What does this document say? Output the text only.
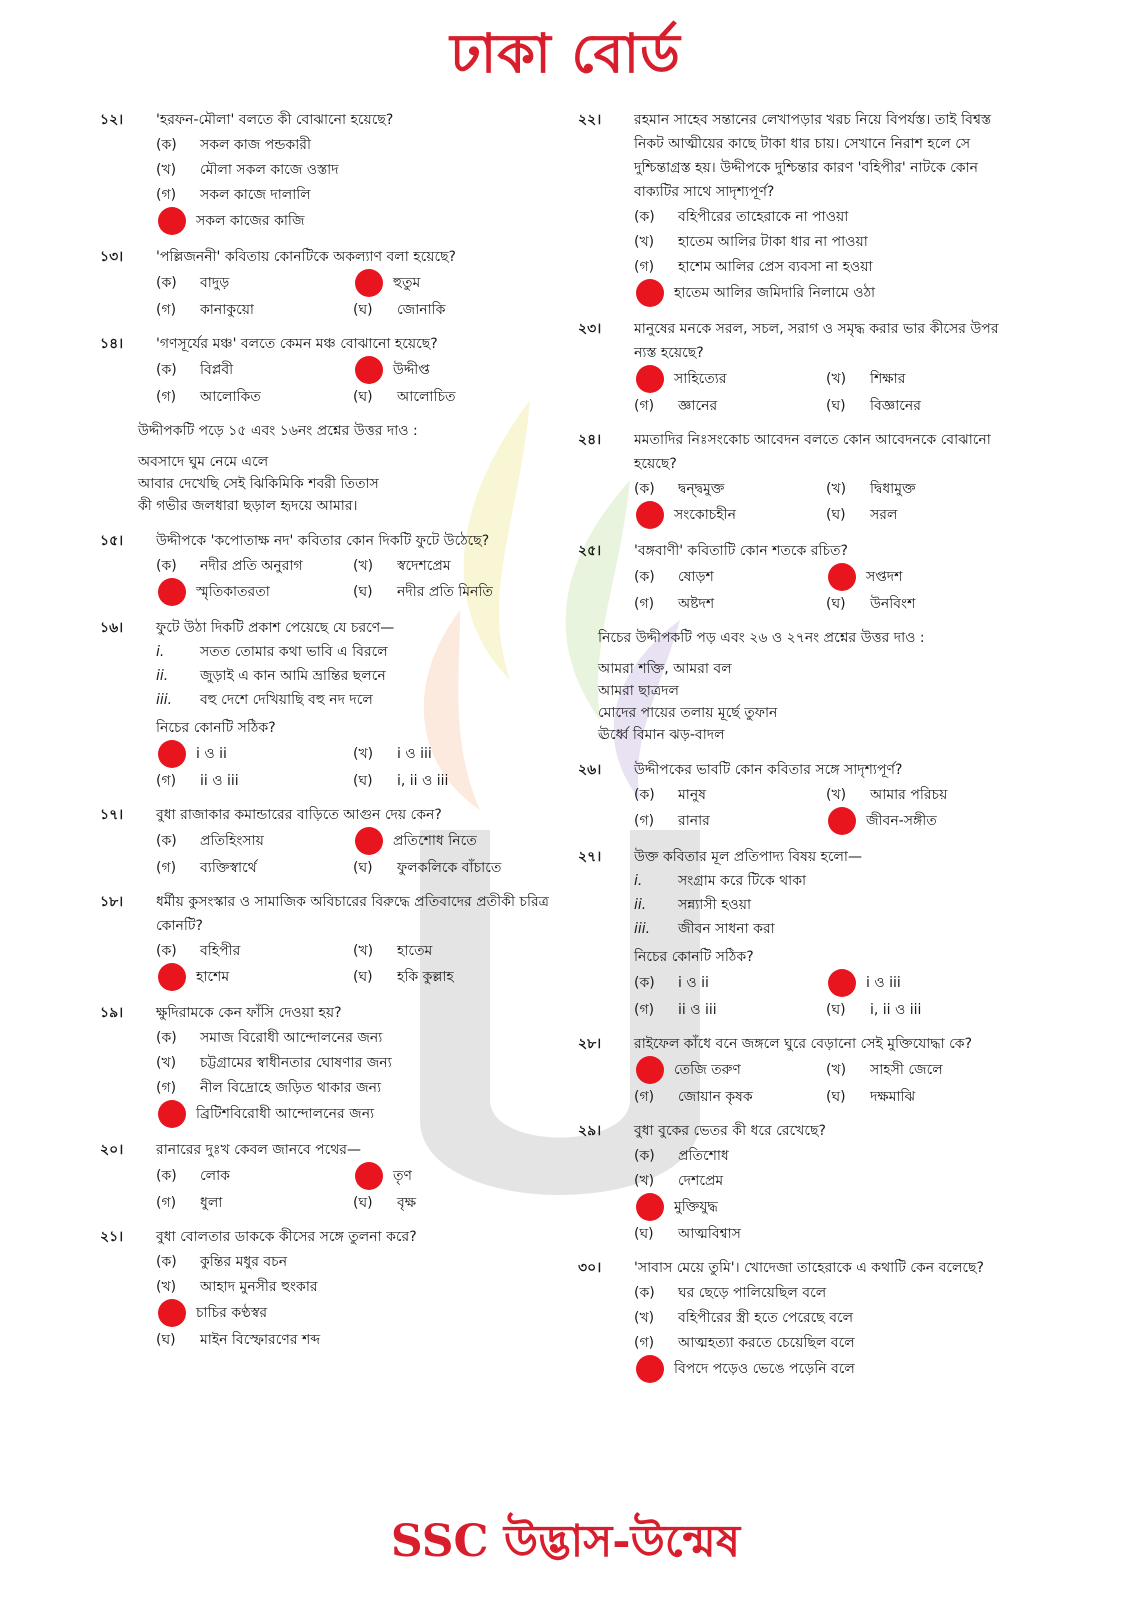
ঢাকা বোর্ড
১২।	'হরফন-মৌলা' বলতে কী বোঝানো হয়েছে?
(ক)	সকল কাজ পন্ডকারী
(খ)	মৌলা সকল কাজে ওস্তাদ
(গ)	সকল কাজে দালালি
সকল কাজের কাজি
১৩।	'পল্লিজননী' কবিতায় কোনটিকে অকল্যাণ বলা হয়েছে?
(ক)	বাদুড়	হুতুম
(গ)	কানাকুয়ো	(ঘ)	জোনাকি
১৪।	'গণসূর্যের মঞ্চ' বলতে কেমন মঞ্চ বোঝানো হয়েছে?
(ক)	বিপ্লবী	উদ্দীপ্ত
(গ)	আলোকিত	(ঘ)	আলোচিত
উদ্দীপকটি পড়ে ১৫ এবং ১৬নং প্রশ্নের উত্তর দাও :
অবসাদে ঘুম নেমে এলে
আবার দেখেছি সেই ঝিকিমিকি শবরী তিতাস
কী গভীর জলধারা ছড়াল হৃদয়ে আমার।
১৫।	উদ্দীপকে 'কপোতাক্ষ নদ' কবিতার কোন দিকটি ফুটে উঠেছে?
(ক)	নদীর প্রতি অনুরাগ	(খ)	স্বদেশপ্রেম
স্মৃতিকাতরতা	(ঘ)	নদীর প্রতি মিনতি
১৬।	ফুটে উঠা দিকটি প্রকাশ পেয়েছে যে চরণে—
i.	সতত তোমার কথা ভাবি এ বিরলে
ii.	জুড়াই এ কান আমি ভ্রান্তির ছলনে
iii.	বহু দেশে দেখিয়াছি বহু নদ দলে
নিচের কোনটি সঠিক?
i ও ii	(খ)	i ও iii
(গ)	ii ও iii	(ঘ)	i, ii ও iii
১৭।	বুধা রাজাকার কমান্ডারের বাড়িতে আগুন দেয় কেন?
(ক)	প্রতিহিংসায়	প্রতিশোধ নিতে
(গ)	ব্যক্তিস্বার্থে	(ঘ)	ফুলকলিকে বাঁচাতে
১৮।	ধর্মীয় কুসংস্কার ও সামাজিক অবিচারের বিরুদ্ধে প্রতিবাদের প্রতীকী চরিত্র কোনটি?
(ক)	বহিপীর	(খ)	হাতেম
হাশেম	(ঘ)	হকি কুল্লাহ
১৯।	ক্ষুদিরামকে কেন ফাঁসি দেওয়া হয়?
(ক)	সমাজ বিরোধী আন্দোলনের জন্য
(খ)	চট্টগ্রামের স্বাধীনতার ঘোষণার জন্য
(গ)	নীল বিদ্রোহে জড়িত থাকার জন্য
ব্রিটিশবিরোধী আন্দোলনের জন্য
২০।	রানারের দুঃখ কেবল জানবে পথের—
(ক)	লোক	তৃণ
(গ)	ধুলা	(ঘ)	বৃক্ষ
২১।	বুধা বোলতার ডাককে কীসের সঙ্গে তুলনা করে?
(ক)	কুন্তির মধুর বচন
(খ)	আহাদ মুনসীর হুংকার
চাচির কণ্ঠস্বর
(ঘ)	মাইন বিস্ফোরণের শব্দ
২২।	রহমান সাহেব সন্তানের লেখাপড়ার খরচ নিয়ে বিপর্যস্ত। তাই বিশ্বস্ত নিকট আত্মীয়ের কাছে টাকা ধার চায়। সেখানে নিরাশ হলে সে দুশ্চিন্তাগ্রস্ত হয়। উদ্দীপকে দুশ্চিন্তার কারণ 'বহিপীর' নাটকে কোন বাক্যটির সাথে সাদৃশ্যপূর্ণ?
(ক)	বহিপীরের তাহেরাকে না পাওয়া
(খ)	হাতেম আলির টাকা ধার না পাওয়া
(গ)	হাশেম আলির প্রেস ব্যবসা না হওয়া
হাতেম আলির জমিদারি নিলামে ওঠা
২৩।	মানুষের মনকে সরল, সচল, সরাগ ও সমৃদ্ধ করার ভার কীসের উপর ন্যস্ত হয়েছে?
সাহিত্যের	(খ)	শিক্ষার
(গ)	জ্ঞানের	(ঘ)	বিজ্ঞানের
২৪।	মমতাদির নিঃসংকোচ আবেদন বলতে কোন আবেদনকে বোঝানো হয়েছে?
(ক)	দ্বন্দ্বমুক্ত	(খ)	দ্বিধামুক্ত
সংকোচহীন	(ঘ)	সরল
২৫।	'বঙ্গবাণী' কবিতাটি কোন শতকে রচিত?
(ক)	ষোড়শ	সপ্তদশ
(গ)	অষ্টদশ	(ঘ)	উনবিংশ
নিচের উদ্দীপকটি পড় এবং ২৬ ও ২৭নং প্রশ্নের উত্তর দাও :
আমরা শক্তি, আমরা বল
আমরা ছাত্রদল
মোদের পায়ের তলায় মূর্ছে তুফান
ঊর্ধ্বে বিমান ঝড়-বাদল
২৬।	উদ্দীপকের ভাবটি কোন কবিতার সঙ্গে সাদৃশ্যপূর্ণ?
(ক)	মানুষ	(খ)	আমার পরিচয়
(গ)	রানার	জীবন-সঙ্গীত
২৭।	উক্ত কবিতার মূল প্রতিপাদ্য বিষয় হলো—
i.	সংগ্রাম করে টিকে থাকা
ii.	সন্ন্যাসী হওয়া
iii.	জীবন সাধনা করা
নিচের কোনটি সঠিক?
(ক)	i ও ii	i ও iii
(গ)	ii ও iii	(ঘ)	i, ii ও iii
২৮।	রাইফেল কাঁধে বনে জঙ্গলে ঘুরে বেড়ানো সেই মুক্তিযোদ্ধা কে?
তেজি তরুণ	(খ)	সাহসী জেলে
(গ)	জোয়ান কৃষক	(ঘ)	দক্ষমাঝি
২৯।	বুধা বুকের ভেতর কী ধরে রেখেছে?
(ক)	প্রতিশোধ
(খ)	দেশপ্রেম
মুক্তিযুদ্ধ
(ঘ)	আত্মবিশ্বাস
৩০।	'সাবাস মেয়ে তুমি'। খোদেজা তাহেরাকে এ কথাটি কেন বলেছে?
(ক)	ঘর ছেড়ে পালিয়েছিল বলে
(খ)	বহিপীরের স্ত্রী হতে পেরেছে বলে
(গ)	আত্মহত্যা করতে চেয়েছিল বলে
বিপদে পড়েও ভেঙে পড়েনি বলে
SSC উদ্ভাস-উন্মেষ
